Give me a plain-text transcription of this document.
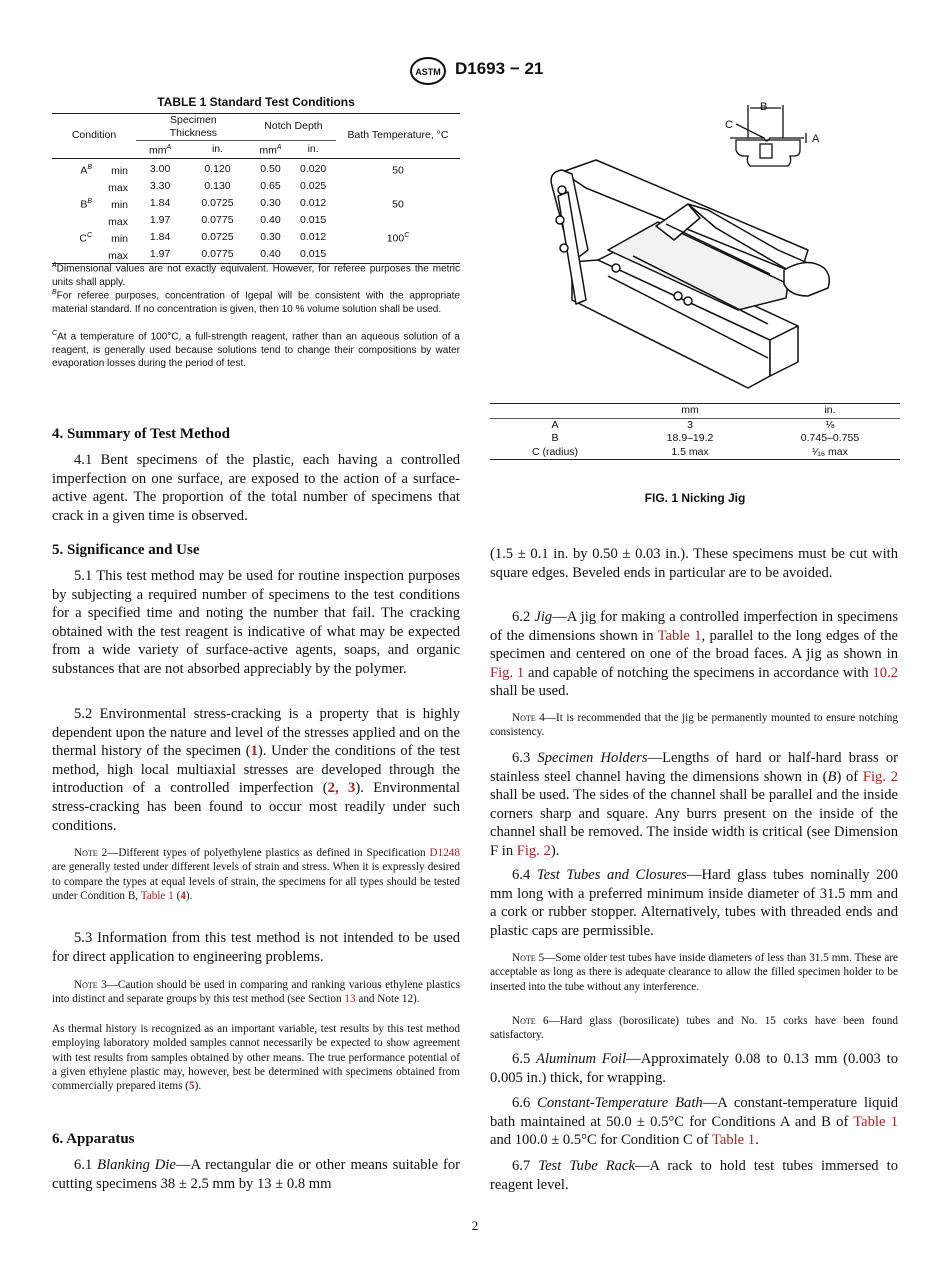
ASTM D1693 − 21
TABLE 1 Standard Test Conditions
Condition	Specimen Thickness		Notch Depth		Bath Temperature, °C
	$mm^A$	in.	$mm^A$	in.	
$A^B$ min	3.00	0.120	0.50	0.020	50
max	3.30	0.130	0.65	0.025	
$B^B$ min	1.84	0.0725	0.30	0.012	50
max	1.97	0.0775	0.40	0.015	
$C^C$ min	1.84	0.0725	0.30	0.012	$100^C$
max	1.97	0.0775	0.40	0.015	
$^A$Dimensional values are not exactly equivalent. However, for referee purposes the metric units shall apply.
$^B$For referee purposes, concentration of Igepal will be consistent with the appropriate material standard. If no concentration is given, then 10 % volume solution shall be used.
$^C$At a temperature of 100°C, a full-strength reagent, rather than an aqueous solution of a reagent, is generally used because solutions tend to change their compositions by water evaporation losses during the period of test.
B
C
A
	mm	in.
A	3	⅛
B	18.9–19.2	0.745–0.755
C (radius)	1.5 max	¹⁄₁₆ max
FIG. 1 Nicking Jig
4. Summary of Test Method
4.1 Bent specimens of the plastic, each having a controlled imperfection on one surface, are exposed to the action of a surface-active agent. The proportion of the total number of specimens that crack in a given time is observed.
5. Significance and Use
5.1 This test method may be used for routine inspection purposes by subjecting a required number of specimens to the test conditions for a specified time and noting the number that fail. The cracking obtained with the test reagent is indicative of what may be expected from a wide variety of surface-active agents, soaps, and organic substances that are not absorbed appreciably by the polymer.
5.2 Environmental stress-cracking is a property that is highly dependent upon the nature and level of the stresses applied and on the thermal history of the specimen (1). Under the conditions of the test method, high local multiaxial stresses are developed through the introduction of a controlled imperfection (2, 3). Environmental stress-cracking has been found to occur most readily under such conditions.
Note 2—Different types of polyethylene plastics as defined in Specification D1248 are generally tested under different levels of strain and stress. When it is expressly desired to compare the types at equal levels of strain, the specimens for all types should be tested under Condition B, Table 1 (4).
5.3 Information from this test method is not intended to be used for direct application to engineering problems.
Note 3—Caution should be used in comparing and ranking various ethylene plastics into distinct and separate groups by this test method (see Section 13 and Note 12).
As thermal history is recognized as an important variable, test results by this test method employing laboratory molded samples cannot necessarily be expected to show agreement with test results from samples obtained by other means. The true performance potential of a given ethylene plastic may, however, best be determined with specimens obtained from commercially prepared items (5).
6. Apparatus
6.1 Blanking Die—A rectangular die or other means suitable for cutting specimens 38 ± 2.5 mm by 13 ± 0.8 mm
(1.5 ± 0.1 in. by 0.50 ± 0.03 in.). These specimens must be cut with square edges. Beveled ends in particular are to be avoided.
6.2 Jig—A jig for making a controlled imperfection in specimens of the dimensions shown in Table 1, parallel to the long edges of the specimen and centered on one of the broad faces. A jig as shown in Fig. 1 and capable of notching the specimens in accordance with 10.2 shall be used.
Note 4—It is recommended that the jig be permanently mounted to ensure notching consistency.
6.3 Specimen Holders—Lengths of hard or half-hard brass or stainless steel channel having the dimensions shown in (B) of Fig. 2 shall be used. The sides of the channel shall be parallel and the inside corners sharp and square. Any burrs present on the inside of the channel shall be removed. The inside width is critical (see Dimension F in Fig. 2).
6.4 Test Tubes and Closures—Hard glass tubes nominally 200 mm long with a preferred minimum inside diameter of 31.5 mm and a cork or rubber stopper. Alternatively, tubes with threaded ends and plastic caps are permissible.
Note 5—Some older test tubes have inside diameters of less than 31.5 mm. These are acceptable as long as there is adequate clearance to allow the filled specimen holder to be inserted into the tube without any interference.
Note 6—Hard glass (borosilicate) tubes and No. 15 corks have been found satisfactory.
6.5 Aluminum Foil—Approximately 0.08 to 0.13 mm (0.003 to 0.005 in.) thick, for wrapping.
6.6 Constant-Temperature Bath—A constant-temperature liquid bath maintained at 50.0 ± 0.5°C for Conditions A and B of Table 1 and 100.0 ± 0.5°C for Condition C of Table 1.
6.7 Test Tube Rack—A rack to hold test tubes immersed to reagent level.
2
